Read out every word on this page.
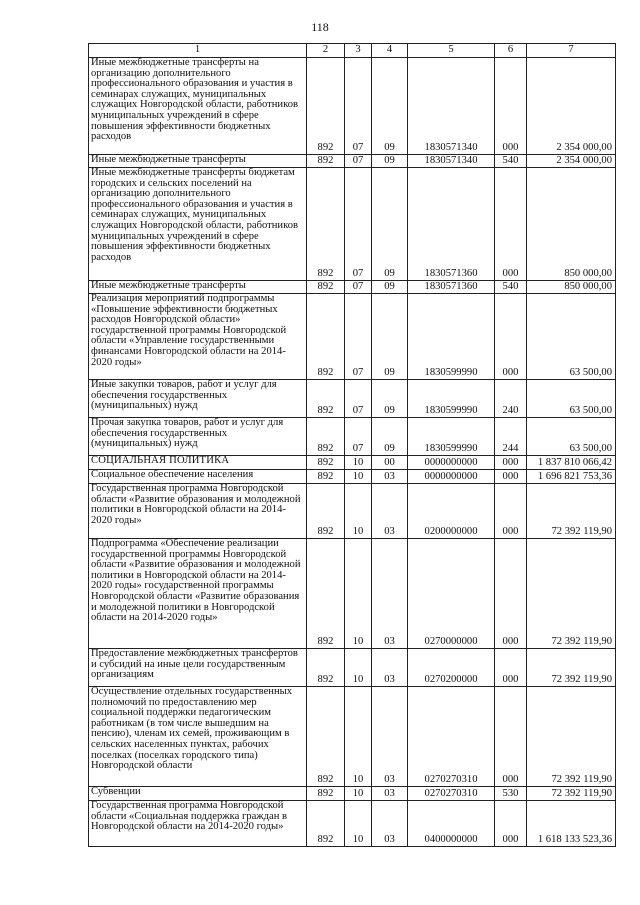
118
1	2	3	4	5	6	7
Иные межбюджетные трансферты на организацию дополнительного профессионального образования и участия в семинарах служащих, муниципальных служащих Новгородской области, работников муниципальных учреждений в сфере повышения эффективности бюджетных расходов	892	07	09	1830571340	000	2 354 000,00
Иные межбюджетные трансферты	892	07	09	1830571340	540	2 354 000,00
Иные межбюджетные трансферты бюджетам городских и сельских поселений на организацию дополнительного профессионального образования и участия в семинарах служащих, муниципальных служащих Новгородской области, работников муниципальных учреждений в сфере повышения эффективности бюджетных расходов	892	07	09	1830571360	000	850 000,00
Иные межбюджетные трансферты	892	07	09	1830571360	540	850 000,00
Реализация мероприятий подпрограммы «Повышение эффективности бюджетных расходов Новгородской области» государственной программы Новгородской области «Управление государственными финансами Новгородской области на 2014-2020 годы»	892	07	09	1830599990	000	63 500,00
Иные закупки товаров, работ и услуг для обеспечения государственных (муниципальных) нужд	892	07	09	1830599990	240	63 500,00
Прочая закупка товаров, работ и услуг для обеспечения государственных (муниципальных) нужд	892	07	09	1830599990	244	63 500,00
СОЦИАЛЬНАЯ ПОЛИТИКА	892	10	00	0000000000	000	1 837 810 066,42
Социальное обеспечение населения	892	10	03	0000000000	000	1 696 821 753,36
Государственная программа Новгородской области «Развитие образования и молодежной политики в Новгородской области на 2014-2020 годы»	892	10	03	0200000000	000	72 392 119,90
Подпрограмма «Обеспечение реализации государственной программы Новгородской области «Развитие образования и молодежной политики в Новгородской области на 2014-2020 годы» государственной программы Новгородской области «Развитие образования и молодежной политики в Новгородской области на 2014-2020 годы»	892	10	03	0270000000	000	72 392 119,90
Предоставление межбюджетных трансфертов и субсидий на иные цели государственным организациям	892	10	03	0270200000	000	72 392 119,90
Осуществление отдельных государственных полномочий по предоставлению мер социальной поддержки педагогическим работникам (в том числе вышедшим на пенсию), членам их семей, проживающим в сельских населенных пунктах, рабочих поселках (поселках городского типа) Новгородской области	892	10	03	0270270310	000	72 392 119,90
Субвенции	892	10	03	0270270310	530	72 392 119,90
Государственная программа Новгородской области «Социальная поддержка граждан в Новгородской области на 2014-2020 годы»	892	10	03	0400000000	000	1 618 133 523,36
